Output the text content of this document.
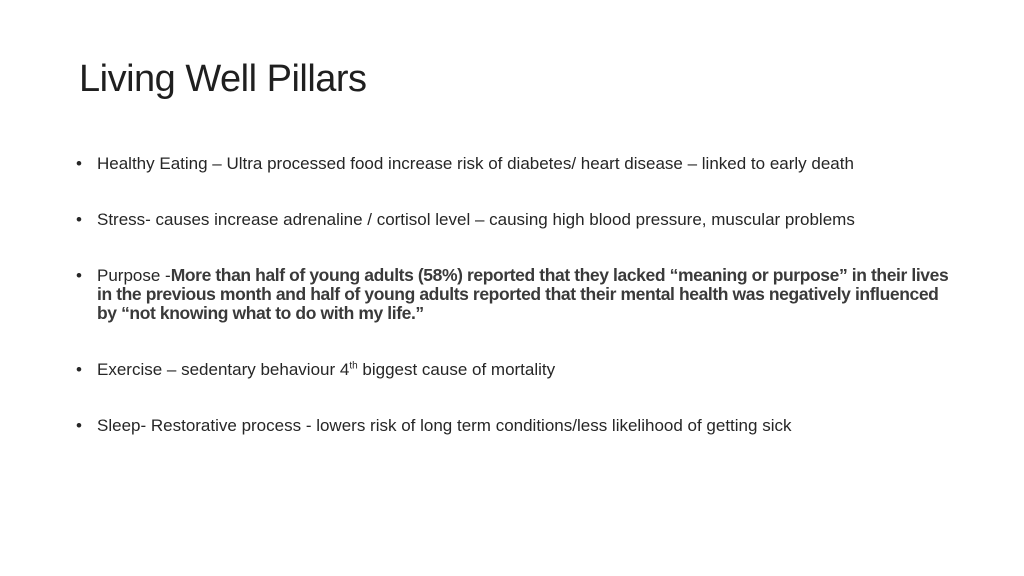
Living Well Pillars
• Healthy Eating – Ultra processed food increase risk of diabetes/ heart disease – linked to early death
• Stress- causes increase adrenaline / cortisol level – causing high blood pressure, muscular problems
• Purpose -More than half of young adults (58%) reported that they lacked “meaning or purpose” in their lives in the previous month and half of young adults reported that their mental health was negatively influenced by “not knowing what to do with my life.”
• Exercise – sedentary behaviour 4th biggest cause of mortality
• Sleep- Restorative process - lowers risk of long term conditions/less likelihood of getting sick
